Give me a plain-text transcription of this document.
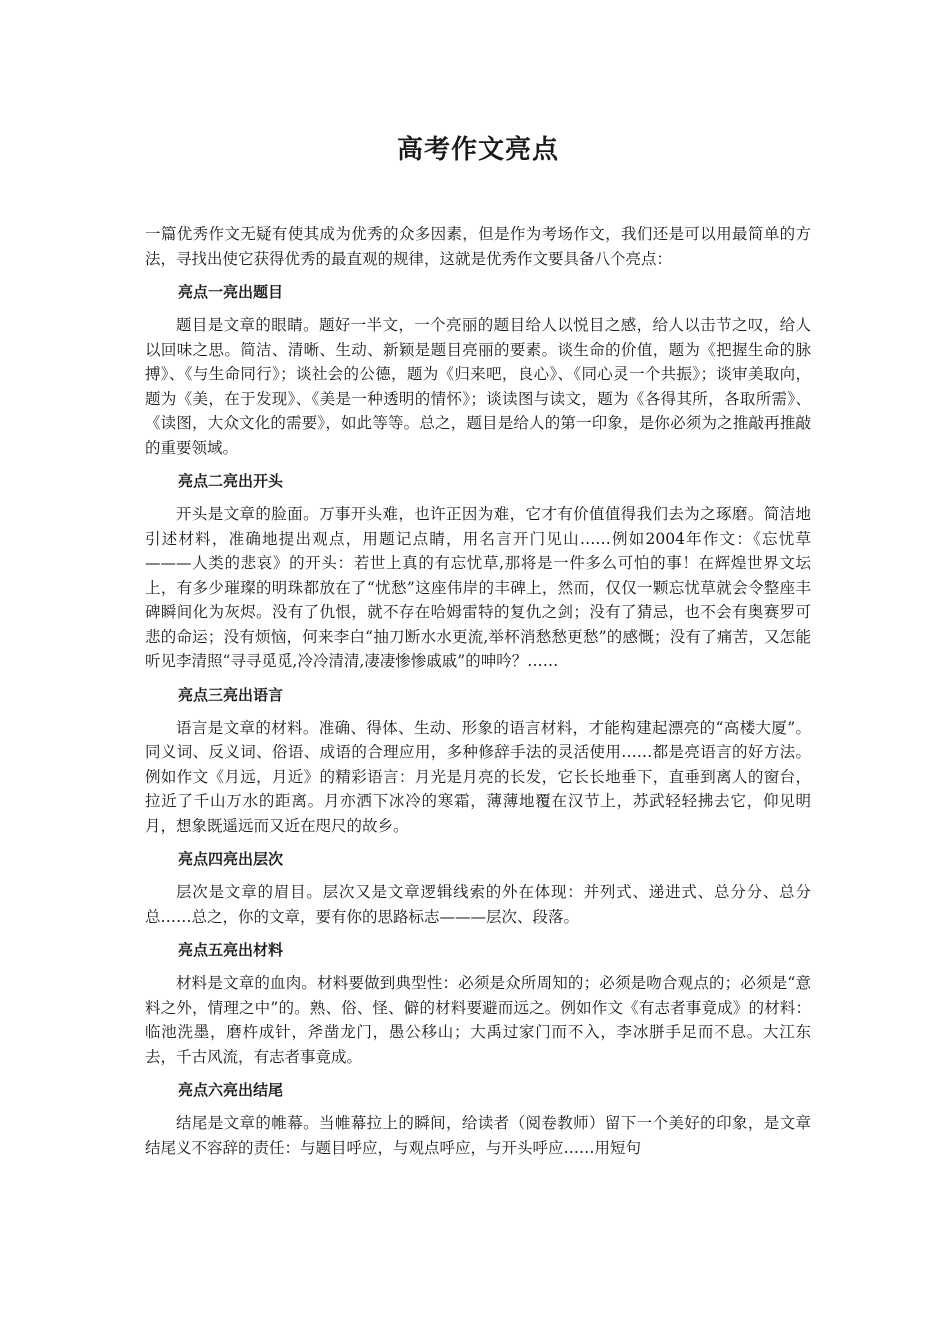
高考作文亮点

一篇优秀作文无疑有使其成为优秀的众多因素，但是作为考场作文，我们还是可以用最简单的方法，寻找出使它获得优秀的最直观的规律，这就是优秀作文要具备八个亮点：

亮点一亮出题目

题目是文章的眼睛。题好一半文，一个亮丽的题目给人以悦目之感，给人以击节之叹，给人以回味之思。简洁、清晰、生动、新颖是题目亮丽的要素。谈生命的价值，题为《把握生命的脉搏》、《与生命同行》；谈社会的公德，题为《归来吧，良心》、《同心灵一个共振》；谈审美取向，题为《美，在于发现》、《美是一种透明的情怀》；谈读图与读文，题为《各得其所，各取所需》、《读图，大众文化的需要》，如此等等。总之，题目是给人的第一印象，是你必须为之推敲再推敲的重要领域。

亮点二亮出开头

开头是文章的脸面。万事开头难，也许正因为难，它才有价值值得我们去为之琢磨。简洁地引述材料，准确地提出观点，用题记点睛，用名言开门见山……例如2004年作文：《忘忧草———人类的悲哀》的开头：若世上真的有忘忧草,那将是一件多么可怕的事！在辉煌世界文坛上，有多少璀璨的明珠都放在了“忧愁”这座伟岸的丰碑上，然而，仅仅一颗忘忧草就会令整座丰碑瞬间化为灰烬。没有了仇恨，就不存在哈姆雷特的复仇之剑；没有了猜忌，也不会有奥赛罗可悲的命运；没有烦恼，何来李白“抽刀断水水更流,举杯消愁愁更愁”的感慨；没有了痛苦，又怎能听见李清照“寻寻觅觅,冷冷清清,凄凄惨惨戚戚”的呻吟？……

亮点三亮出语言

语言是文章的材料。准确、得体、生动、形象的语言材料，才能构建起漂亮的“高楼大厦”。同义词、反义词、俗语、成语的合理应用，多种修辞手法的灵活使用……都是亮语言的好方法。例如作文《月远，月近》的精彩语言：月光是月亮的长发，它长长地垂下，直垂到离人的窗台，拉近了千山万水的距离。月亦洒下冰冷的寒霜，薄薄地覆在汉节上，苏武轻轻拂去它，仰见明月，想象既遥远而又近在咫尺的故乡。

亮点四亮出层次

层次是文章的眉目。层次又是文章逻辑线索的外在体现：并列式、递进式、总分分、总分总……总之，你的文章，要有你的思路标志———层次、段落。

亮点五亮出材料

材料是文章的血肉。材料要做到典型性：必须是众所周知的；必须是吻合观点的；必须是“意料之外，情理之中”的。熟、俗、怪、僻的材料要避而远之。例如作文《有志者事竟成》的材料：临池洗墨，磨杵成针，斧凿龙门，愚公移山；大禹过家门而不入，李冰胼手足而不息。大江东去，千古风流，有志者事竟成。

亮点六亮出结尾

结尾是文章的帷幕。当帷幕拉上的瞬间，给读者（阅卷教师）留下一个美好的印象，是文章结尾义不容辞的责任：与题目呼应，与观点呼应，与开头呼应……用短句
